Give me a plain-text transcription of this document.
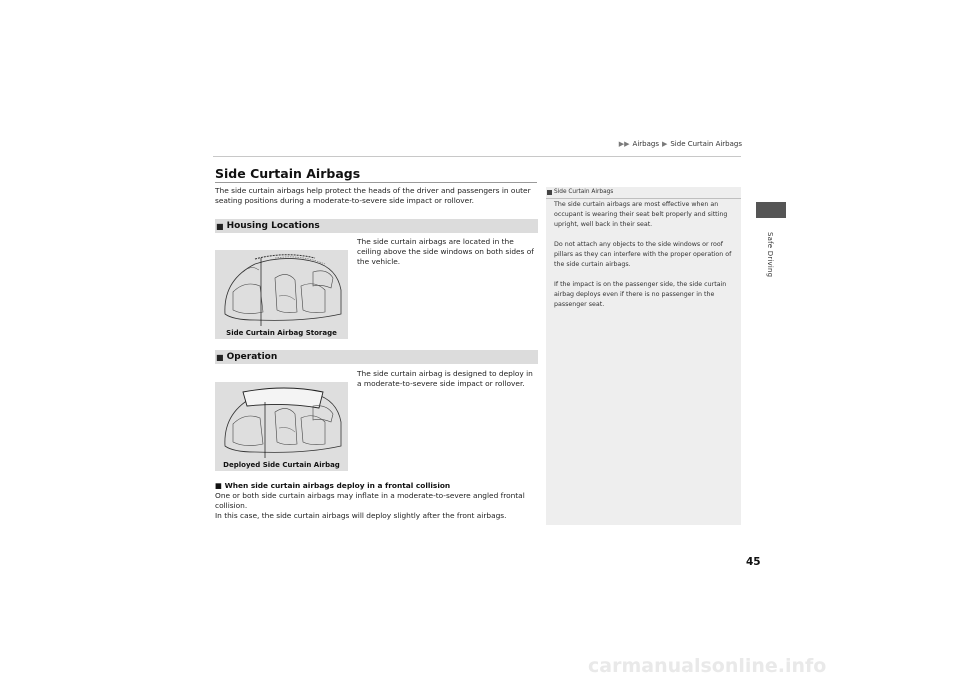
▶▶ Airbags ▶ Side Curtain Airbags
Safe Driving
Side Curtain Airbags
The side curtain airbags help protect the heads of the driver and passengers in outer seating positions during a moderate-to-severe side impact or rollover.
■ Housing Locations
Side Curtain Airbag Storage
The side curtain airbags are located in the ceiling above the side windows on both sides of the vehicle.
■ Operation
Deployed Side Curtain Airbag
The side curtain airbag is designed to deploy in a moderate-to-severe side impact or rollover.
■ When side curtain airbags deploy in a frontal collision
One or both side curtain airbags may inflate in a moderate-to-severe angled frontal collision.
In this case, the side curtain airbags will deploy slightly after the front airbags.
Side Curtain Airbags
The side curtain airbags are most effective when an occupant is wearing their seat belt properly and sitting upright, well back in their seat.
Do not attach any objects to the side windows or roof pillars as they can interfere with the proper operation of the side curtain airbags.
If the impact is on the passenger side, the side curtain airbag deploys even if there is no passenger in the passenger seat.
45
carmanualsonline.info
